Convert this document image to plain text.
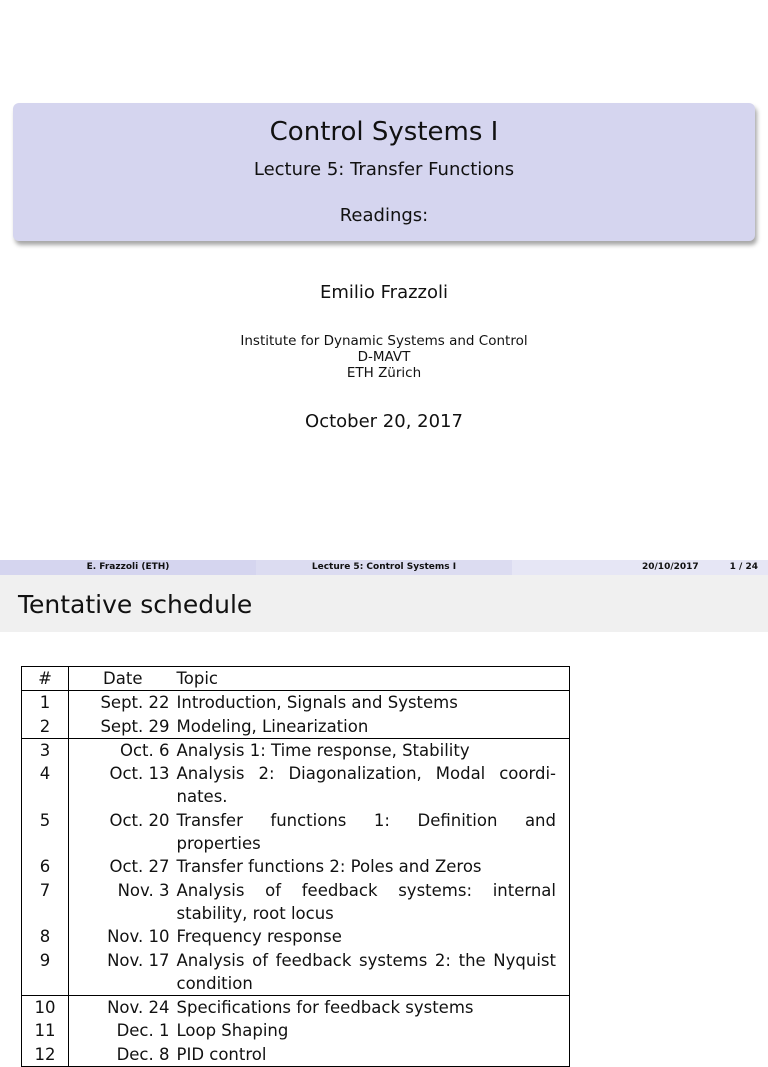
Control Systems I
Lecture 5: Transfer Functions
Readings:
Emilio Frazzoli
Institute for Dynamic Systems and Control
D-MAVT
ETH Zürich
October 20, 2017
E. Frazzoli (ETH)	Lecture 5: Control Systems I	20/10/2017	1 / 24
Tentative schedule
#	Date	Topic
1	Sept. 22	Introduction, Signals and Systems
2	Sept. 29	Modeling, Linearization
3	Oct. 6	Analysis 1: Time response, Stability
4	Oct. 13	Analysis 2: Diagonalization, Modal coordi-nates.
5	Oct. 20	Transfer functions 1: Definition and properties
6	Oct. 27	Transfer functions 2: Poles and Zeros
7	Nov. 3	Analysis of feedback systems: internal stability, root locus
8	Nov. 10	Frequency response
9	Nov. 17	Analysis of feedback systems 2: the Nyquist condition
10	Nov. 24	Specifications for feedback systems
11	Dec. 1	Loop Shaping
12	Dec. 8	PID control
